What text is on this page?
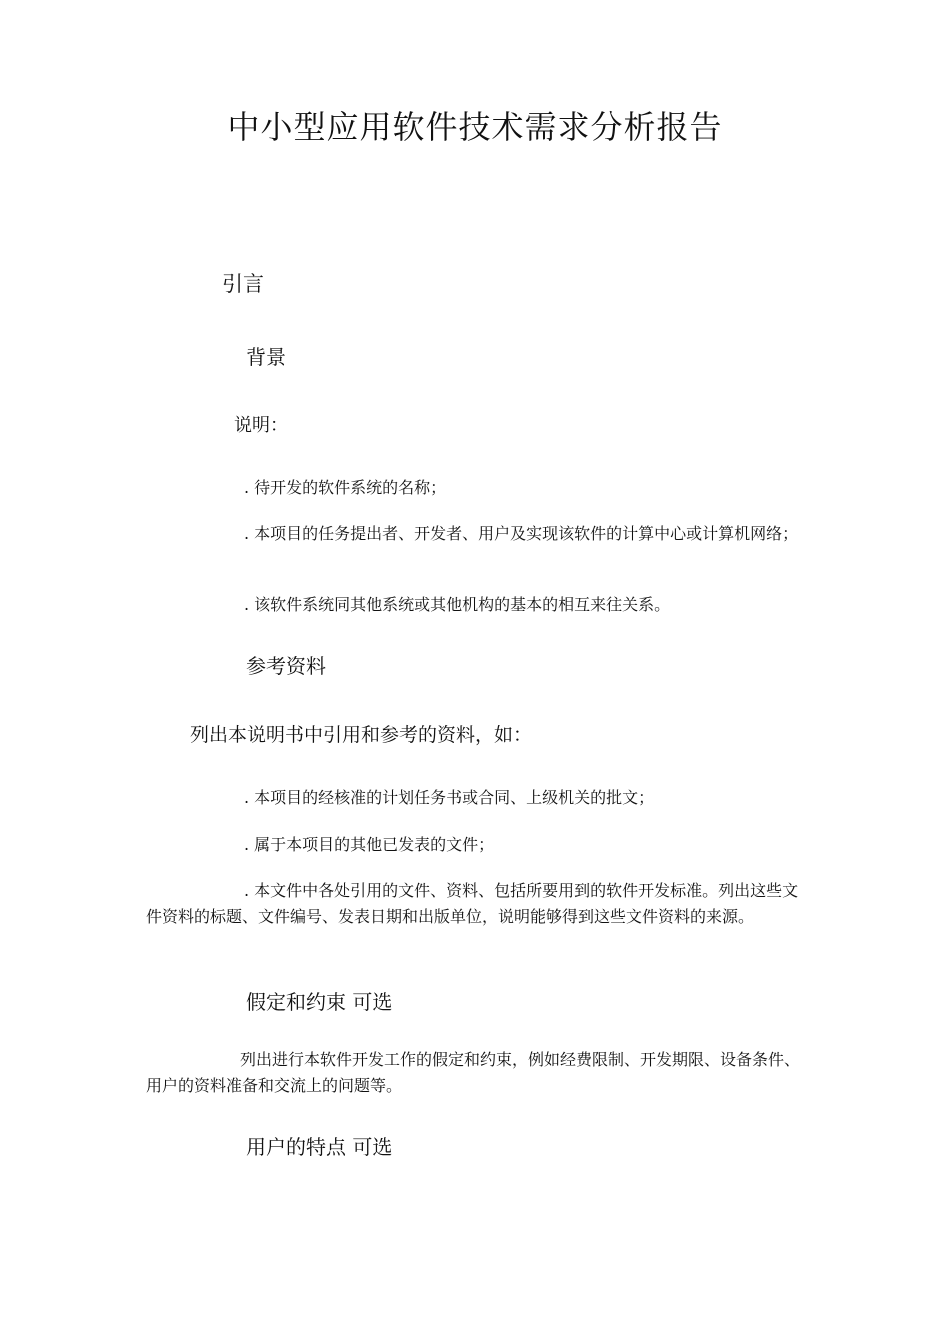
中小型应用软件技术需求分析报告
引言
背景
说明：
. 待开发的软件系统的名称；

. 本项目的任务提出者、开发者、用户及实现该软件的计算中心或计算机网络；

. 该软件系统同其他系统或其他机构的基本的相互来往关系。
参考资料
列出本说明书中引用和参考的资料，如：
. 本项目的经核准的计划任务书或合同、上级机关的批文；
. 属于本项目的其他已发表的文件；

. 本文件中各处引用的文件、资料、包括所要用到的软件开发标准。列出这些文件资料的标题、文件编号、发表日期和出版单位，说明能够得到这些文件资料的来源。

假定和约束 可选

列出进行本软件开发工作的假定和约束，例如经费限制、开发期限、设备条件、用户的资料准备和交流上的问题等。

用户的特点 可选
